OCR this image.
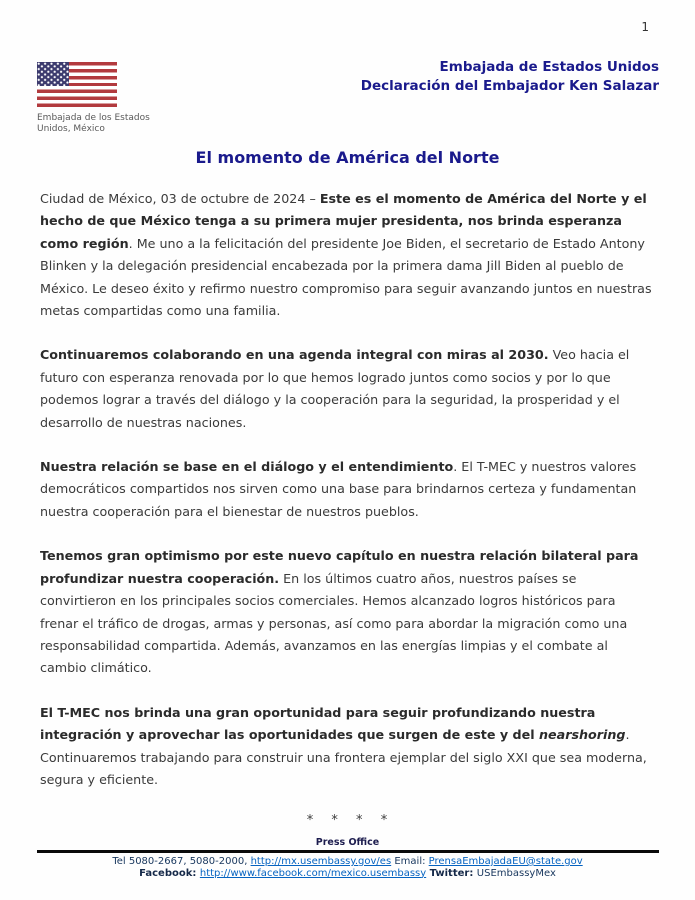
1
Embajada de los Estados
Unidos, México
Embajada de Estados Unidos
Declaración del Embajador Ken Salazar
El momento de América del Norte

Ciudad de México, 03 de octubre de 2024 – Este es el momento de América del Norte y el hecho de que México tenga a su primera mujer presidenta, nos brinda esperanza como región. Me uno a la felicitación del presidente Joe Biden, el secretario de Estado Antony Blinken y la delegación presidencial encabezada por la primera dama Jill Biden al pueblo de México. Le deseo éxito y refirmo nuestro compromiso para seguir avanzando juntos en nuestras metas compartidas como una familia.

Continuaremos colaborando en una agenda integral con miras al 2030. Veo hacia el futuro con esperanza renovada por lo que hemos logrado juntos como socios y por lo que podemos lograr a través del diálogo y la cooperación para la seguridad, la prosperidad y el desarrollo de nuestras naciones.

Nuestra relación se base en el diálogo y el entendimiento. El T-MEC y nuestros valores democráticos compartidos nos sirven como una base para brindarnos certeza y fundamentan nuestra cooperación para el bienestar de nuestros pueblos.

Tenemos gran optimismo por este nuevo capítulo en nuestra relación bilateral para profundizar nuestra cooperación. En los últimos cuatro años, nuestros países se convirtieron en los principales socios comerciales. Hemos alcanzado logros históricos para frenar el tráfico de drogas, armas y personas, así como para abordar la migración como una responsabilidad compartida. Además, avanzamos en las energías limpias y el combate al cambio climático.

El T-MEC nos brinda una gran oportunidad para seguir profundizando nuestra integración y aprovechar las oportunidades que surgen de este y del nearshoring. Continuaremos trabajando para construir una frontera ejemplar del siglo XXI que sea moderna, segura y eficiente.

* * * *
Press Office
Tel 5080-2667, 5080-2000, http://mx.usembassy.gov/es Email: PrensaEmbajadaEU@state.gov
Facebook: http://www.facebook.com/mexico.usembassy Twitter: USEmbassyMex
